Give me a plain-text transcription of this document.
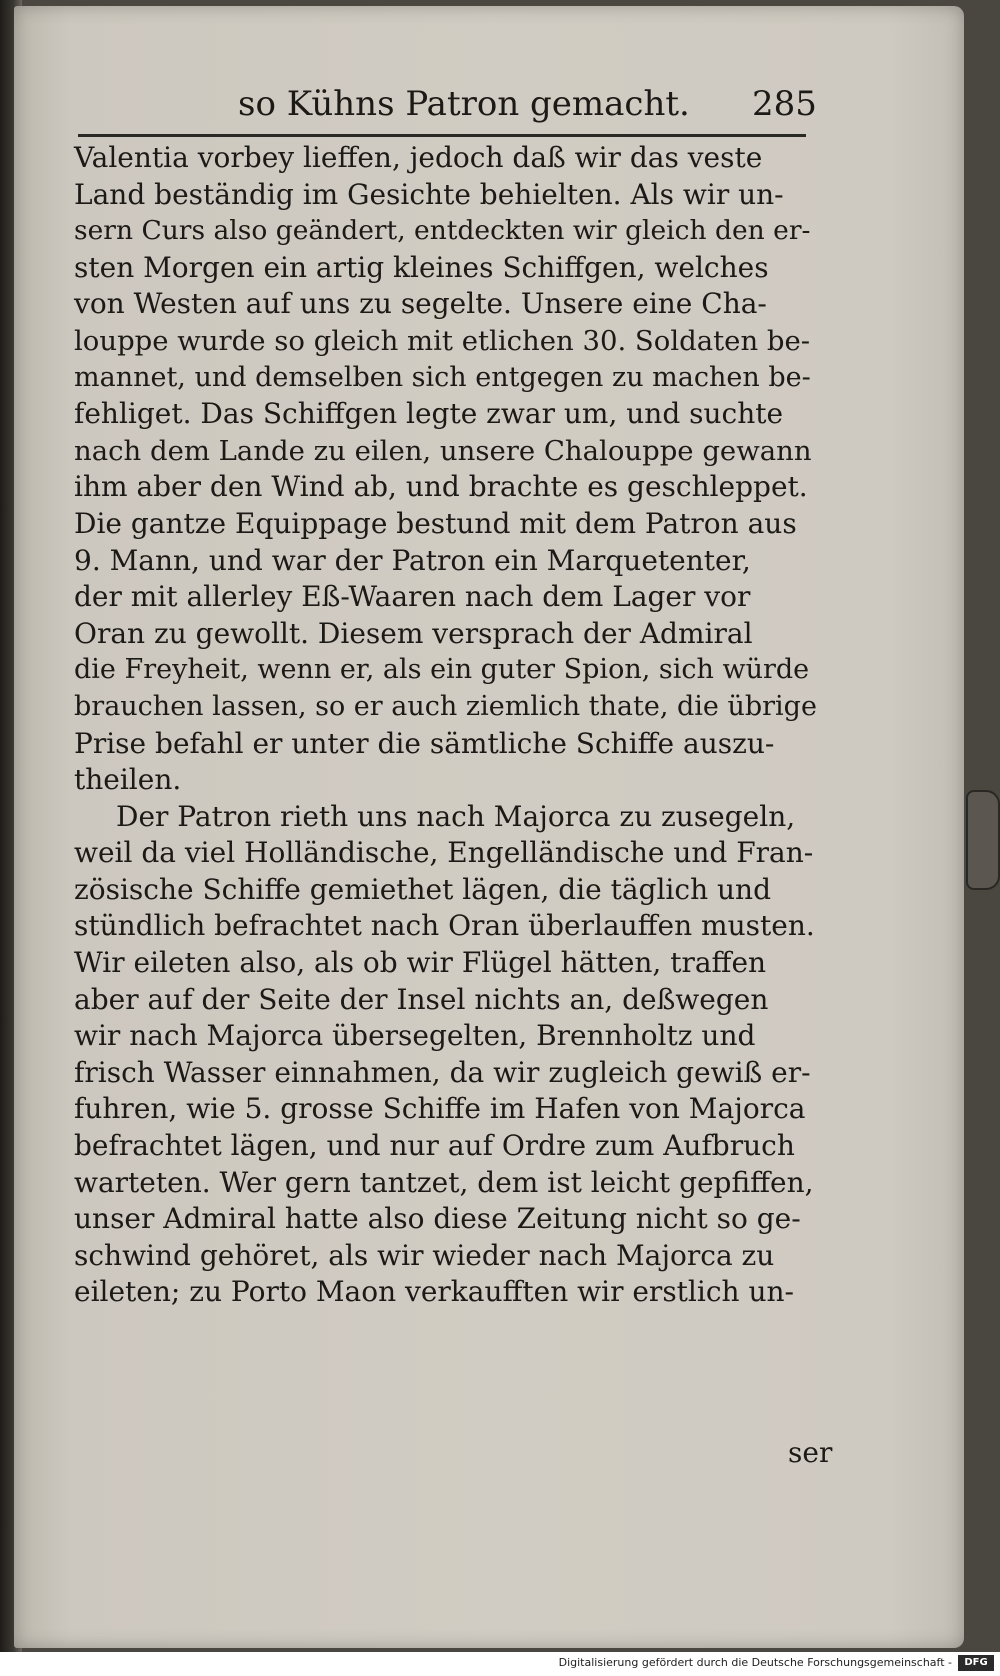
so Kühns Patron gemacht. 285
Valentia vorbey lieffen, jedoch daß wir das veste
Land beständig im Gesichte behielten. Als wir un-
sern Curs also geändert, entdeckten wir gleich den er-
sten Morgen ein artig kleines Schiffgen, welches
von Westen auf uns zu segelte. Unsere eine Cha-
louppe wurde so gleich mit etlichen 30. Soldaten be-
mannet, und demselben sich entgegen zu machen be-
fehliget. Das Schiffgen legte zwar um, und suchte
nach dem Lande zu eilen, unsere Chalouppe gewann
ihm aber den Wind ab, und brachte es geschleppet.
Die gantze Equippage bestund mit dem Patron aus
9. Mann, und war der Patron ein Marquetenter,
der mit allerley Eß-Waaren nach dem Lager vor
Oran zu gewollt. Diesem versprach der Admiral
die Freyheit, wenn er, als ein guter Spion, sich würde
brauchen lassen, so er auch ziemlich thate, die übrige
Prise befahl er unter die sämtliche Schiffe auszu-
theilen.
Der Patron rieth uns nach Majorca zu zusegeln,
weil da viel Holländische, Engelländische und Fran-
zösische Schiffe gemiethet lägen, die täglich und
stündlich befrachtet nach Oran überlauffen musten.
Wir eileten also, als ob wir Flügel hätten, traffen
aber auf der Seite der Insel nichts an, deßwegen
wir nach Majorca übersegelten, Brennholtz und
frisch Wasser einnahmen, da wir zugleich gewiß er-
fuhren, wie 5. grosse Schiffe im Hafen von Majorca
befrachtet lägen, und nur auf Ordre zum Aufbruch
warteten. Wer gern tantzet, dem ist leicht gepfiffen,
unser Admiral hatte also diese Zeitung nicht so ge-
schwind gehöret, als wir wieder nach Majorca zu
eileten; zu Porto Maon verkaufften wir erstlich un-
ser
Digitalisierung gefördert durch die Deutsche Forschungsgemeinschaft -	DFG
